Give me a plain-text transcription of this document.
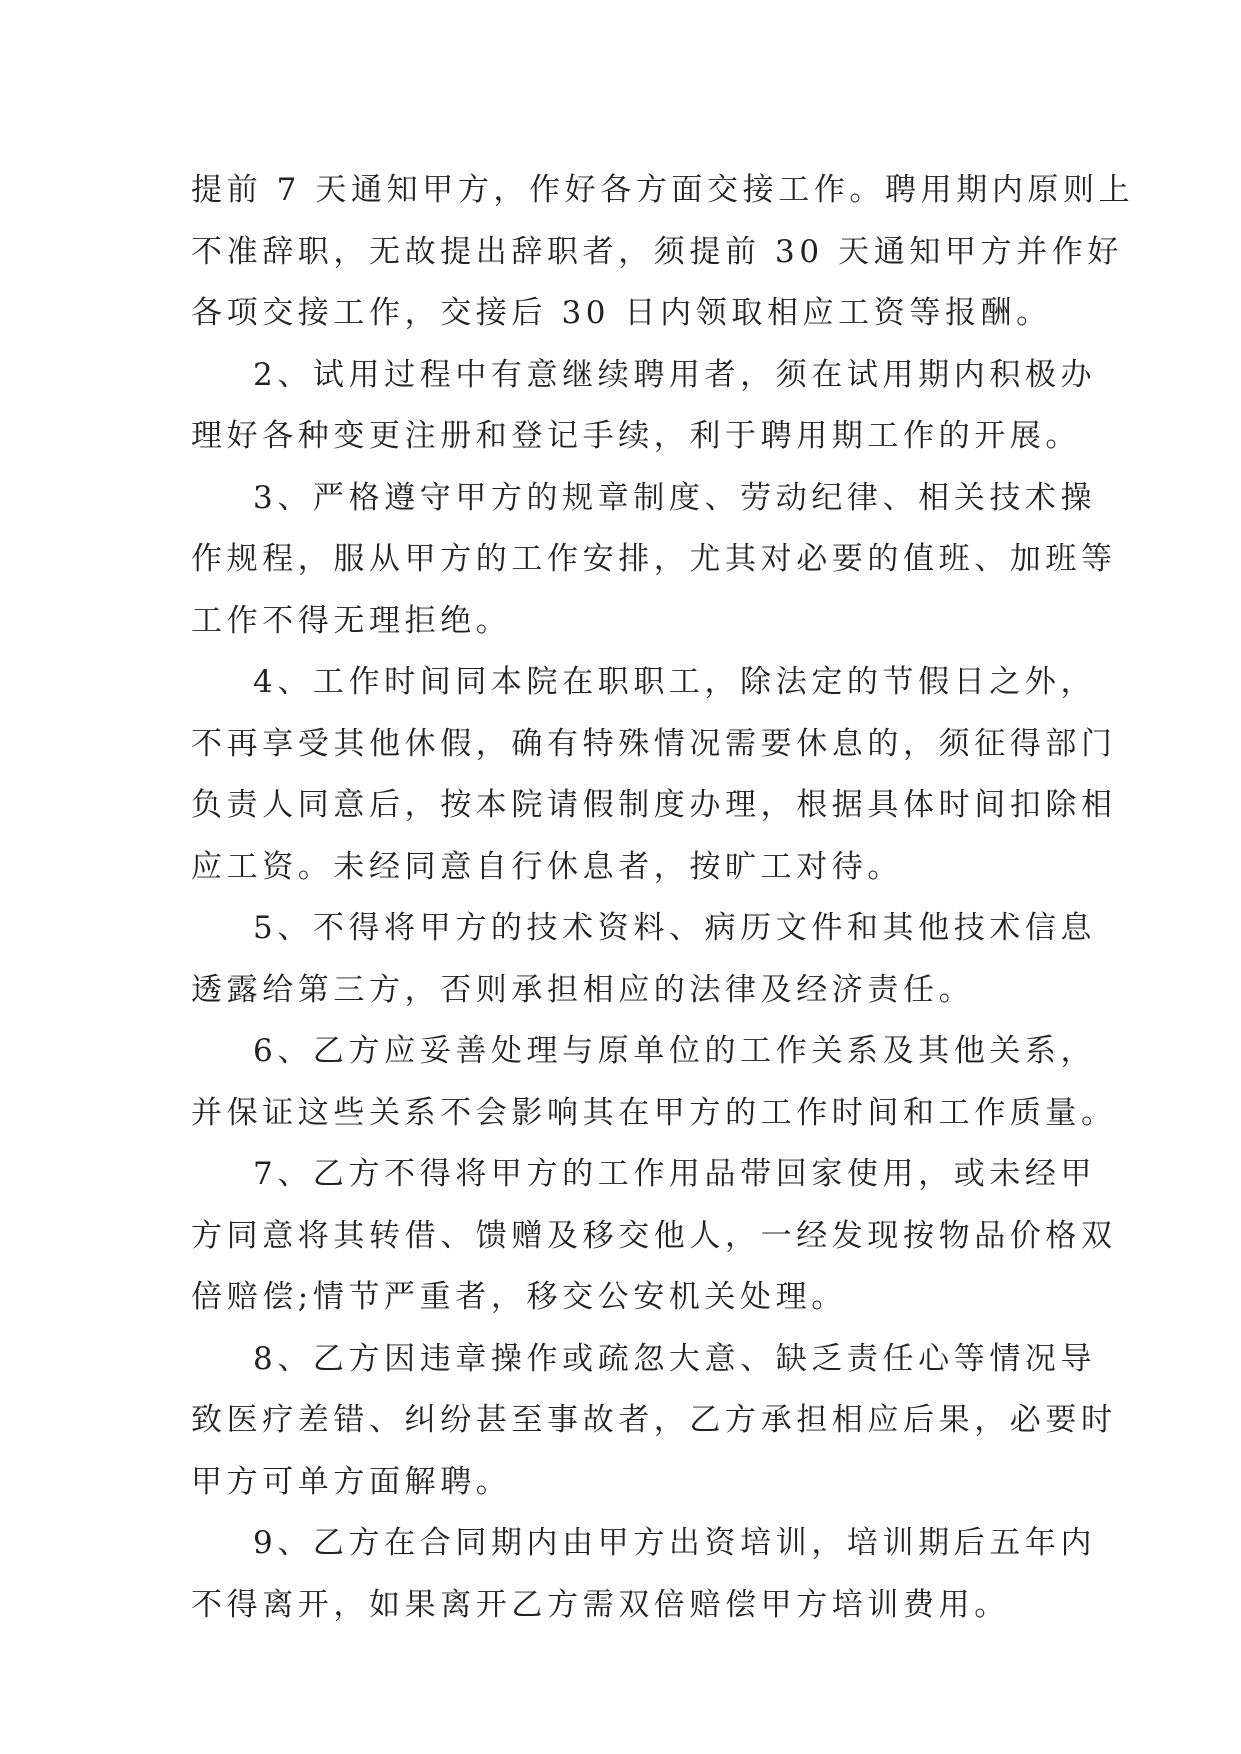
提前 7 天通知甲方，作好各方面交接工作。聘用期内原则上
不准辞职，无故提出辞职者，须提前 30 天通知甲方并作好
各项交接工作，交接后 30 日内领取相应工资等报酬。
2、试用过程中有意继续聘用者，须在试用期内积极办
理好各种变更注册和登记手续，利于聘用期工作的开展。
3、严格遵守甲方的规章制度、劳动纪律、相关技术操
作规程，服从甲方的工作安排，尤其对必要的值班、加班等
工作不得无理拒绝。
4、工作时间同本院在职职工，除法定的节假日之外，
不再享受其他休假，确有特殊情况需要休息的，须征得部门
负责人同意后，按本院请假制度办理，根据具体时间扣除相
应工资。未经同意自行休息者，按旷工对待。
5、不得将甲方的技术资料、病历文件和其他技术信息
透露给第三方，否则承担相应的法律及经济责任。
6、乙方应妥善处理与原单位的工作关系及其他关系，
并保证这些关系不会影响其在甲方的工作时间和工作质量。
7、乙方不得将甲方的工作用品带回家使用，或未经甲
方同意将其转借、馈赠及移交他人，一经发现按物品价格双
倍赔偿;情节严重者，移交公安机关处理。
8、乙方因违章操作或疏忽大意、缺乏责任心等情况导
致医疗差错、纠纷甚至事故者，乙方承担相应后果，必要时
甲方可单方面解聘。
9、乙方在合同期内由甲方出资培训，培训期后五年内
不得离开，如果离开乙方需双倍赔偿甲方培训费用。
